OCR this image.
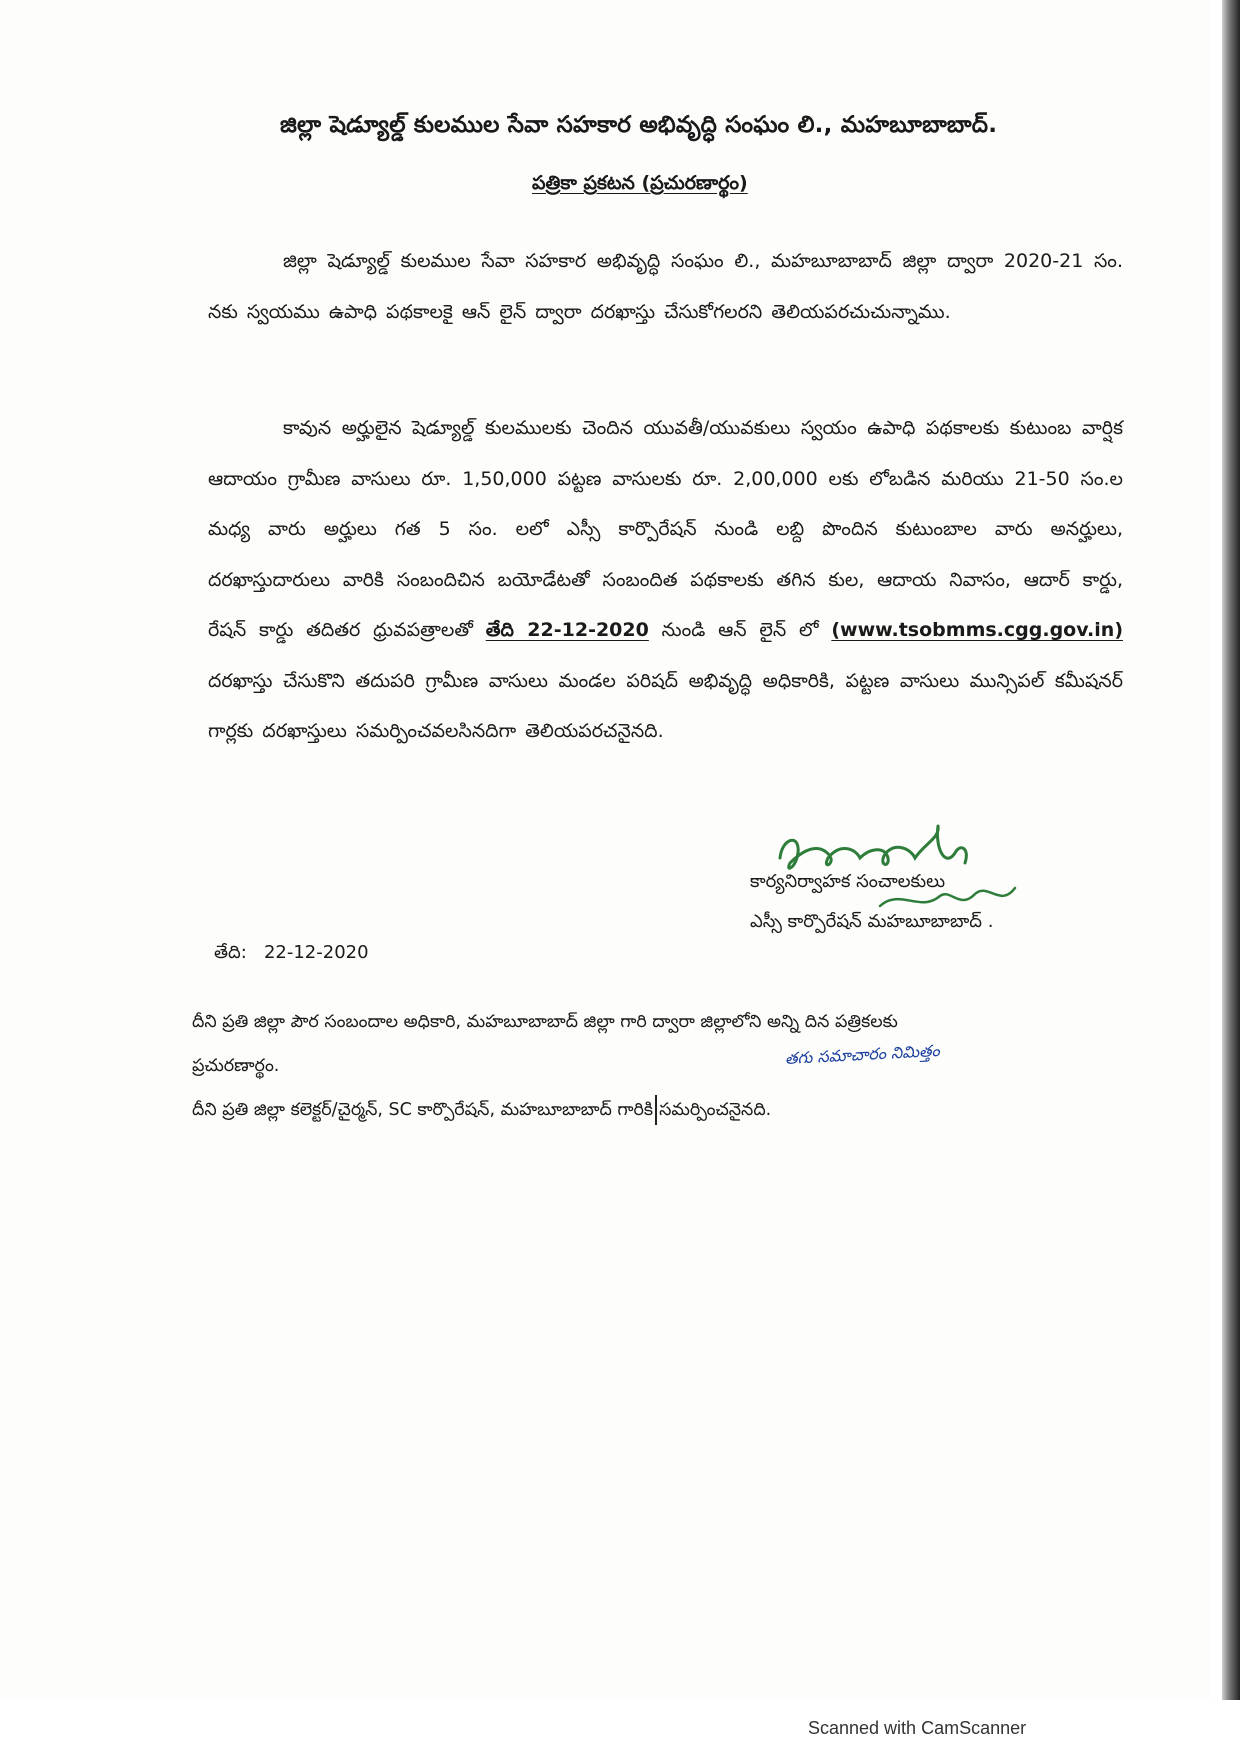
జిల్లా షెడ్యూల్డ్ కులముల సేవా సహకార అభివృద్ధి సంఘం లి., మహబూబాబాద్.
పత్రికా ప్రకటన (ప్రచురణార్థం)
జిల్లా షెడ్యూల్డ్ కులముల సేవా సహకార అభివృద్ధి సంఘం లి., మహబూబాబాద్ జిల్లా ద్వారా 2020-21 సం. నకు స్వయము ఉపాధి పథకాలకై ఆన్ లైన్ ద్వారా దరఖాస్తు చేసుకోగలరని తెలియపరచుచున్నాము.
కావున అర్హులైన షెడ్యూల్డ్ కులములకు చెందిన యువతీ/యువకులు స్వయం ఉపాధి పథకాలకు కుటుంబ వార్షిక ఆదాయం గ్రామీణ వాసులు రూ. 1,50,000 పట్టణ వాసులకు రూ. 2,00,000 లకు లోబడిన మరియు 21-50 సం.ల మధ్య వారు అర్హులు గత 5 సం. లలో ఎస్సీ కార్పొరేషన్ నుండి లబ్ది పొందిన కుటుంబాల వారు అనర్హులు, దరఖాస్తుదారులు వారికి సంబందిచిన బయోడేటతో సంబందిత పథకాలకు తగిన కుల, ఆదాయ నివాసం, ఆదార్ కార్డు, రేషన్ కార్డు తదితర ధ్రువపత్రాలతో తేది 22-12-2020 నుండి ఆన్ లైన్ లో (www.tsobmms.cgg.gov.in) దరఖాస్తు చేసుకొని తదుపరి గ్రామీణ వాసులు మండల పరిషద్ అభివృద్ధి అధికారికి, పట్టణ వాసులు మున్సిపల్ కమీషనర్ గార్లకు దరఖాస్తులు సమర్పించవలసినదిగా తెలియపరచనైనది.
కార్యనిర్వాహక సంచాలకులు
ఎస్సీ కార్పొరేషన్ మహబూబాబాద్ .
తేది: 22-12-2020
దీని ప్రతి జిల్లా పౌర సంబందాల అధికారి, మహబూబాబాద్ జిల్లా గారి ద్వారా జిల్లాలోని అన్ని దిన పత్రికలకు
ప్రచురణార్థం.
దీని ప్రతి జిల్లా కలెక్టర్/చైర్మన్, SC కార్పొరేషన్, మహబూబాబాద్ గారికి సమర్పించనైనది.
తగు సమాచారం నిమిత్తం
Scanned with CamScanner
